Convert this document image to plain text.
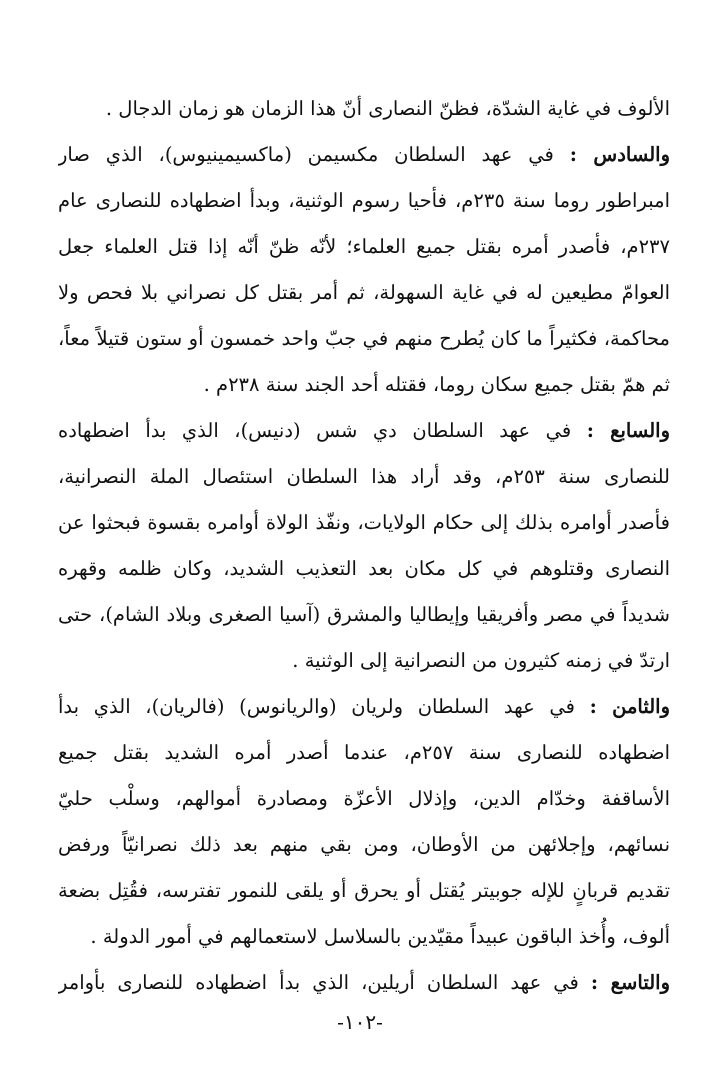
الألوف في غاية الشدّة، فظنّ النصارى أنّ هذا الزمان هو زمان الدجال .
والسادس : في عهد السلطان مكسيمن (ماكسيمينيوس)، الذي صار
امبراطور روما سنة ٢٣٥م، فأحيا رسوم الوثنية، وبدأ اضطهاده للنصارى عام
٢٣٧م، فأصدر أمره بقتل جميع العلماء؛ لأنّه ظنّ أنّه إذا قتل العلماء جعل
العوامّ مطيعين له في غاية السهولة، ثم أمر بقتل كل نصراني بلا فحص ولا
محاكمة، فكثيراً ما كان يُطرح منهم في جبّ واحد خمسون أو ستون قتيلاً معاً،
ثم همّ بقتل جميع سكان روما، فقتله أحد الجند سنة ٢٣٨م .
والسابع : في عهد السلطان دي شس (دنيس)، الذي بدأ اضطهاده
للنصارى سنة ٢٥٣م، وقد أراد هذا السلطان استئصال الملة النصرانية،
فأصدر أوامره بذلك إلى حكام الولايات، ونفّذ الولاة أوامره بقسوة فبحثوا عن
النصارى وقتلوهم في كل مكان بعد التعذيب الشديد، وكان ظلمه وقهره
شديداً في مصر وأفريقيا وإيطاليا والمشرق (آسيا الصغرى وبلاد الشام)، حتى
ارتدّ في زمنه كثيرون من النصرانية إلى الوثنية .
والثامن : في عهد السلطان ولريان (والريانوس) (فالريان)، الذي بدأ
اضطهاده للنصارى سنة ٢٥٧م، عندما أصدر أمره الشديد بقتل جميع
الأساقفة وخدّام الدين، وإذلال الأعزّة ومصادرة أموالهم، وسلْب حليّ
نسائهم، وإجلائهن من الأوطان، ومن بقي منهم بعد ذلك نصرانيّاً ورفض
تقديم قربانٍ للإله جوبيتر يُقتل أو يحرق أو يلقى للنمور تفترسه، فقُتِل بضعة
ألوف، وأُخذ الباقون عبيداً مقيّدين بالسلاسل لاستعمالهم في أمور الدولة .
والتاسع : في عهد السلطان أريلين، الذي بدأ اضطهاده للنصارى بأوامر
-١٠٢-
